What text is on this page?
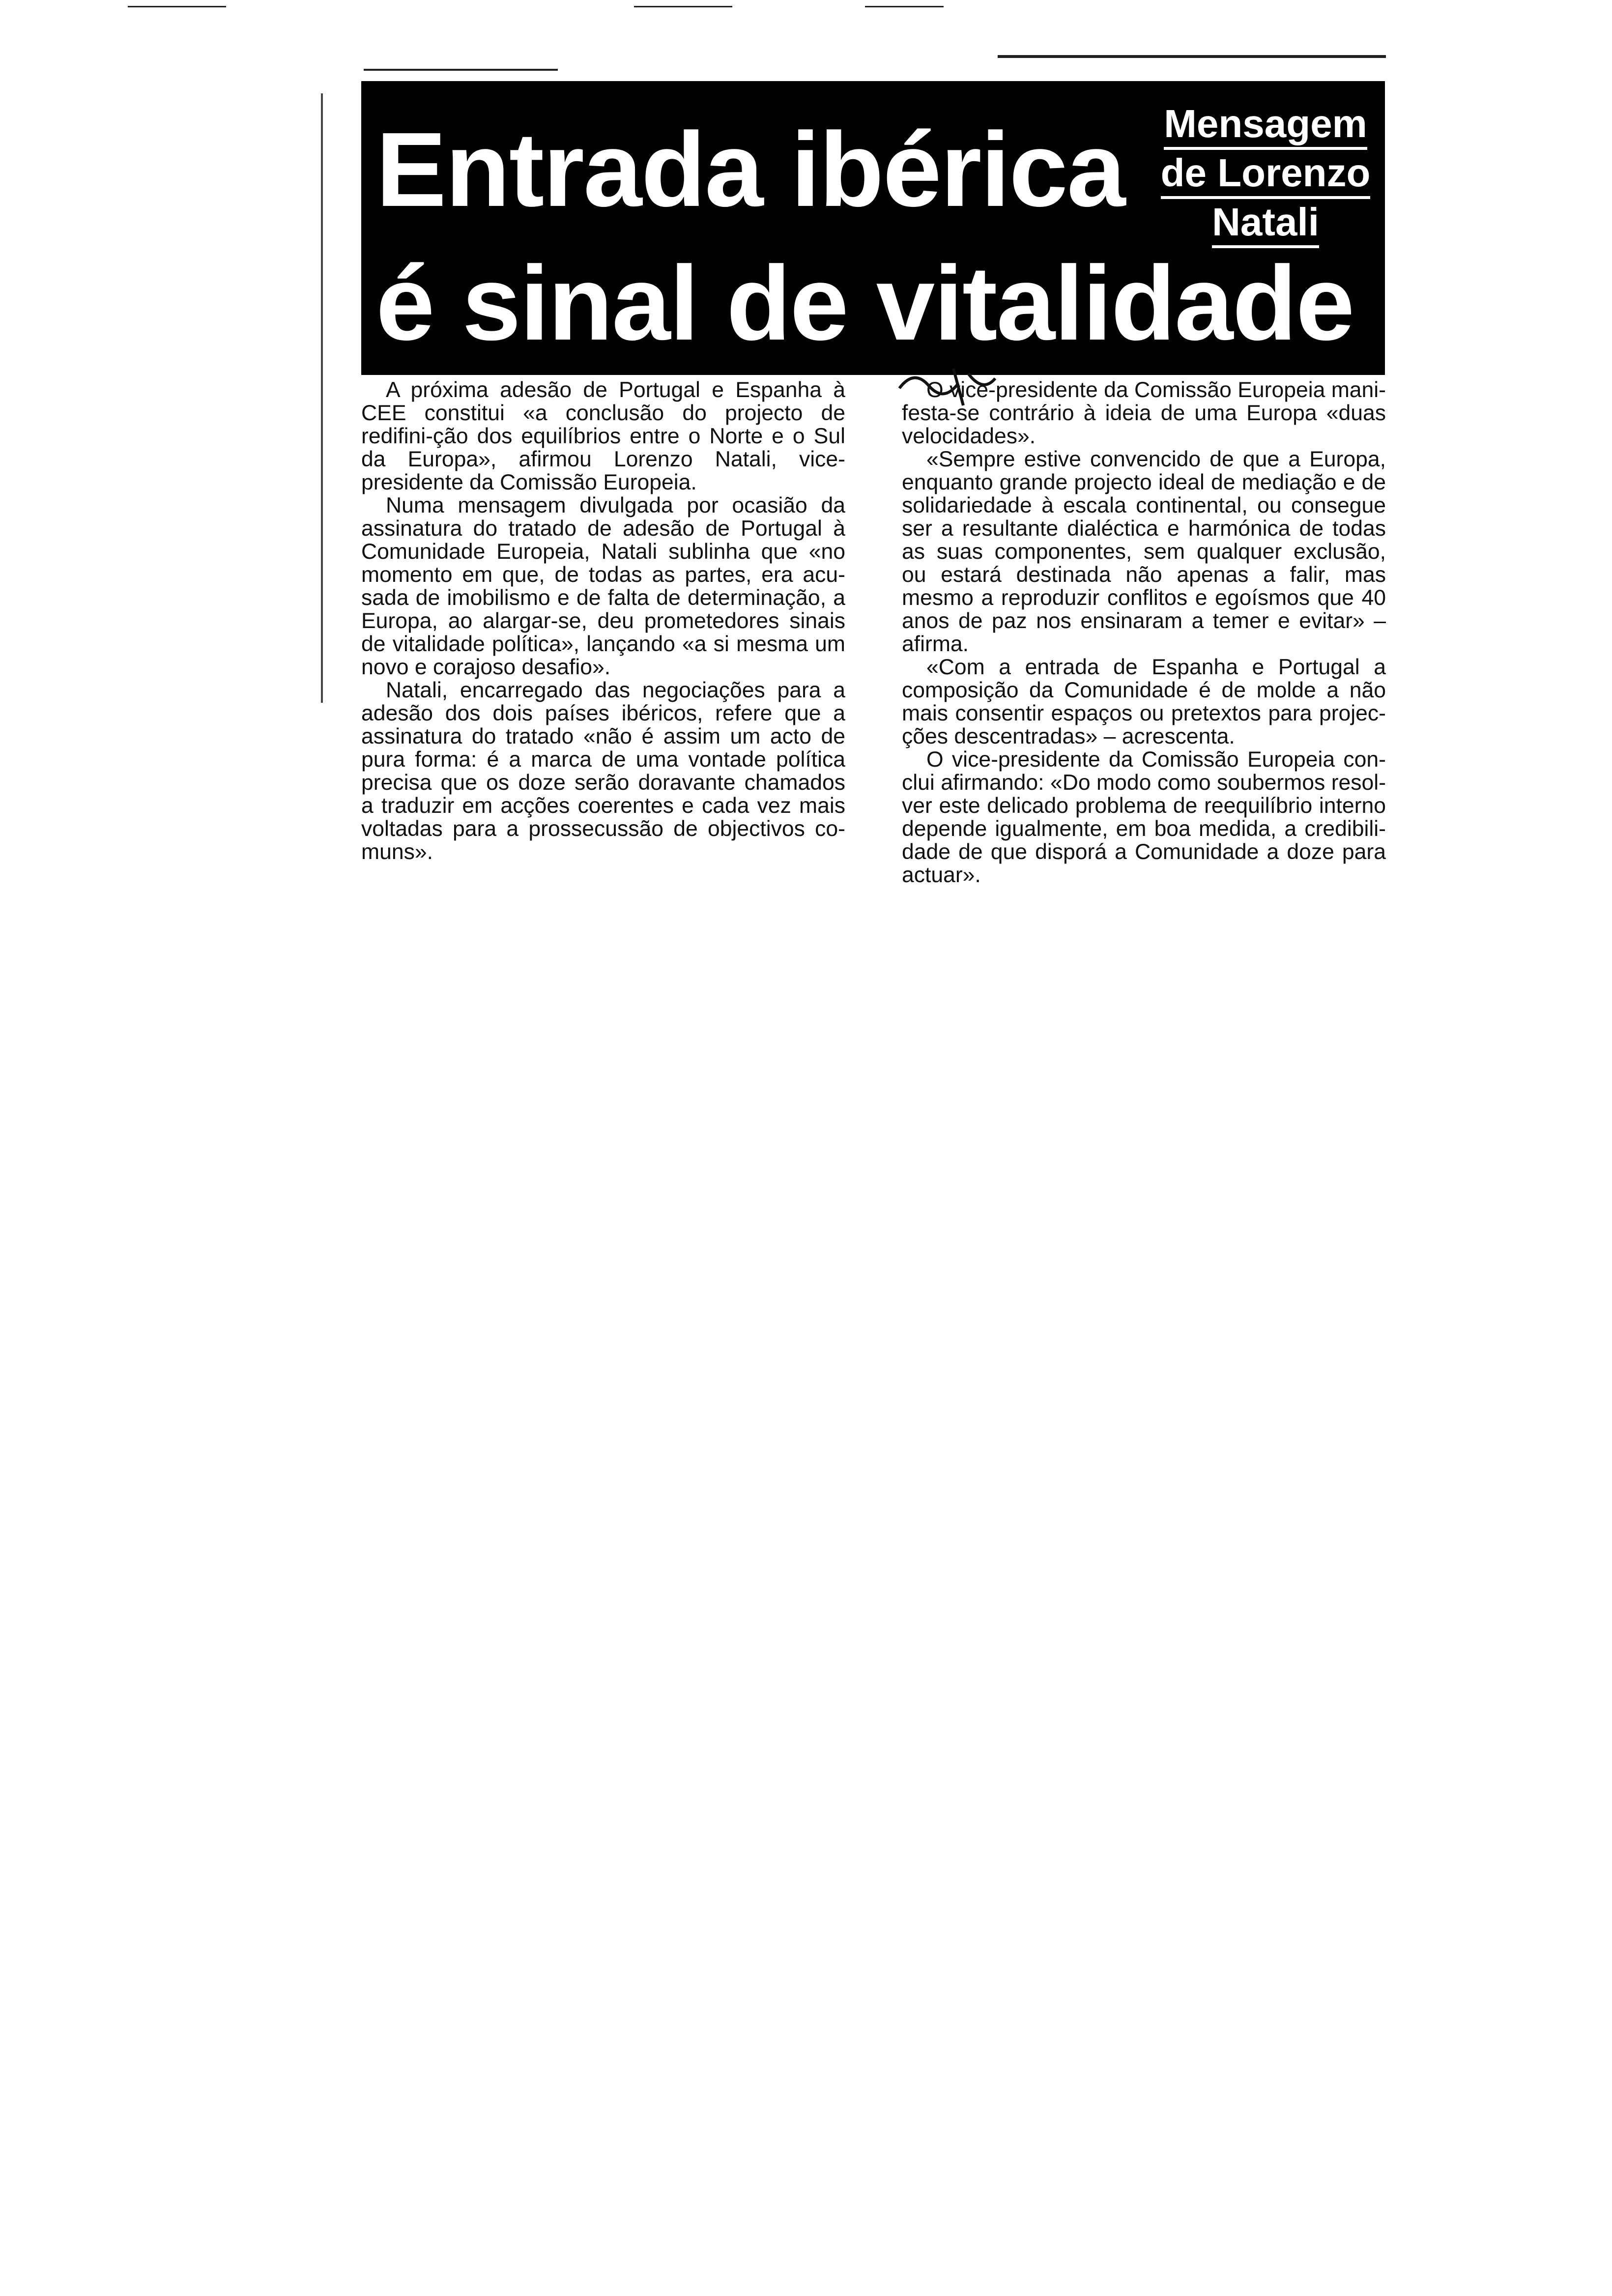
Entrada ibérica Mensagem
de Lorenzo
Natali
é sinal de vitalidade

A próxima adesão de Portugal e Espanha à CEE constitui «a conclusão do projecto de redifini-ção dos equilíbrios entre o Norte e o Sul da Europa», afirmou Lorenzo Natali, vice-presidente da Comissão Europeia.

Numa mensagem divulgada por ocasião da assinatura do tratado de adesão de Portugal à Comunidade Europeia, Natali sublinha que «no momento em que, de todas as partes, era acu-sada de imobilismo e de falta de determinação, a Europa, ao alargar-se, deu prometedores sinais de vitalidade política», lançando «a si mesma um novo e corajoso desafio».

Natali, encarregado das negociações para a adesão dos dois países ibéricos, refere que a assinatura do tratado «não é assim um acto de pura forma: é a marca de uma vontade política precisa que os doze serão doravante chamados a traduzir em acções coerentes e cada vez mais voltadas para a prossecussão de objectivos co-muns».

O vice-presidente da Comissão Europeia mani-festa-se contrário à ideia de uma Europa «duas velocidades».

«Sempre estive convencido de que a Europa, enquanto grande projecto ideal de mediação e de solidariedade à escala continental, ou consegue ser a resultante dialéctica e harmónica de todas as suas componentes, sem qualquer exclusão, ou estará destinada não apenas a falir, mas mesmo a reproduzir conflitos e egoísmos que 40 anos de paz nos ensinaram a temer e evitar» – afirma.

«Com a entrada de Espanha e Portugal a composição da Comunidade é de molde a não mais consentir espaços ou pretextos para projec-ções descentradas» – acrescenta.

O vice-presidente da Comissão Europeia con-clui afirmando: «Do modo como soubermos resol-ver este delicado problema de reequilíbrio interno depende igualmente, em boa medida, a credibili-dade de que disporá a Comunidade a doze para actuar».
